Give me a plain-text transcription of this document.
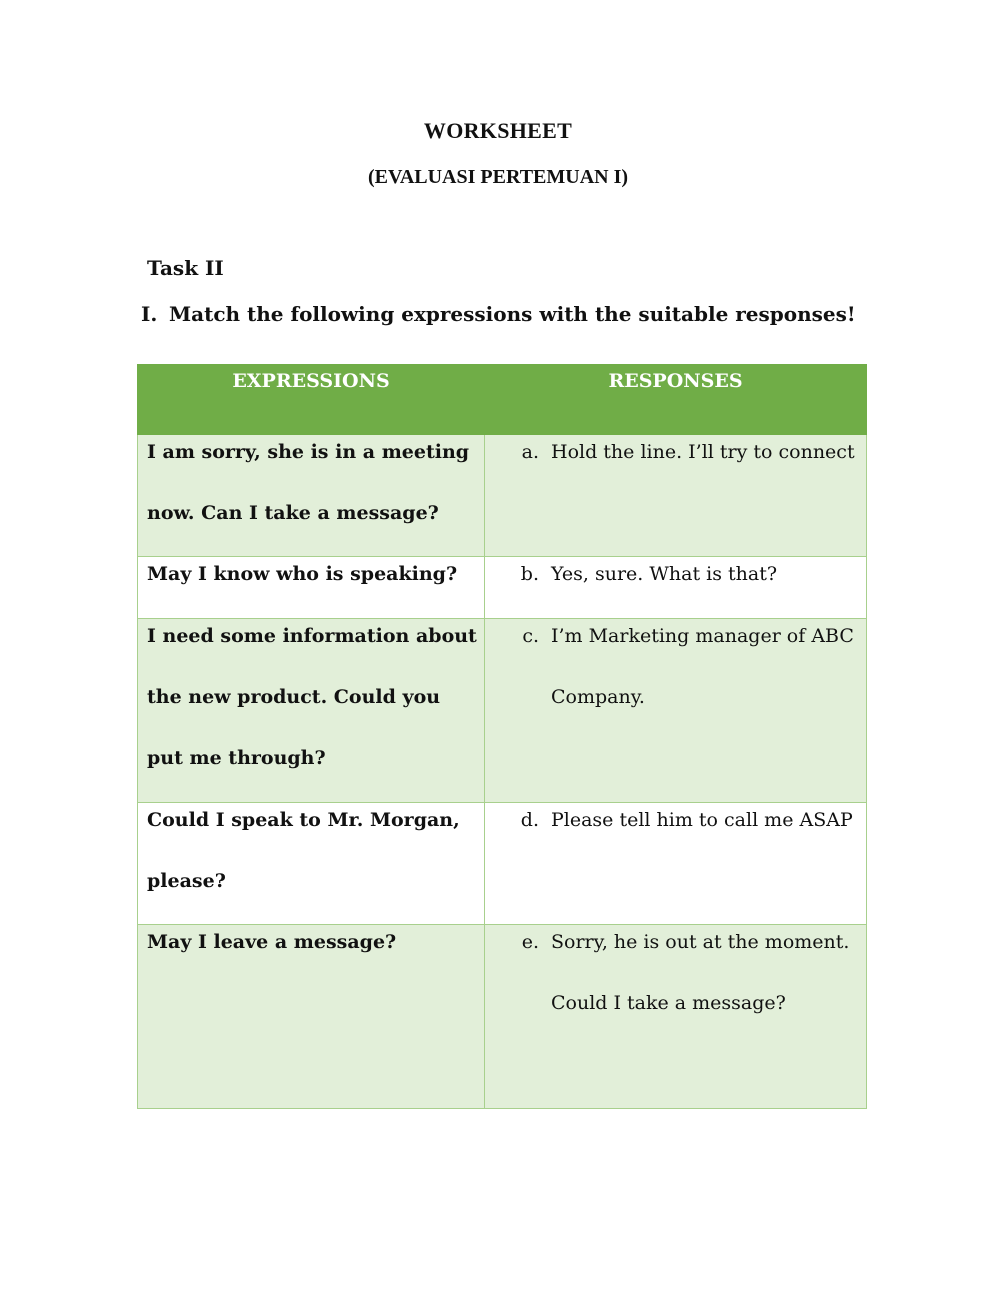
WORKSHEET
(EVALUASI PERTEMUAN I)
Task II
I. Match the following expressions with the suitable responses!
EXPRESSIONS	RESPONSES

I am sorry, she is in a meeting now. Can I take a message?	a. Hold the line. I’ll try to connect

May I know who is speaking?	b. Yes, sure. What is that?

I need some information about the new product. Could you put me through?	c. I’m Marketing manager of ABC Company.

Could I speak to Mr. Morgan, please?	d. Please tell him to call me ASAP

May I leave a message?	e. Sorry, he is out at the moment. Could I take a message?
